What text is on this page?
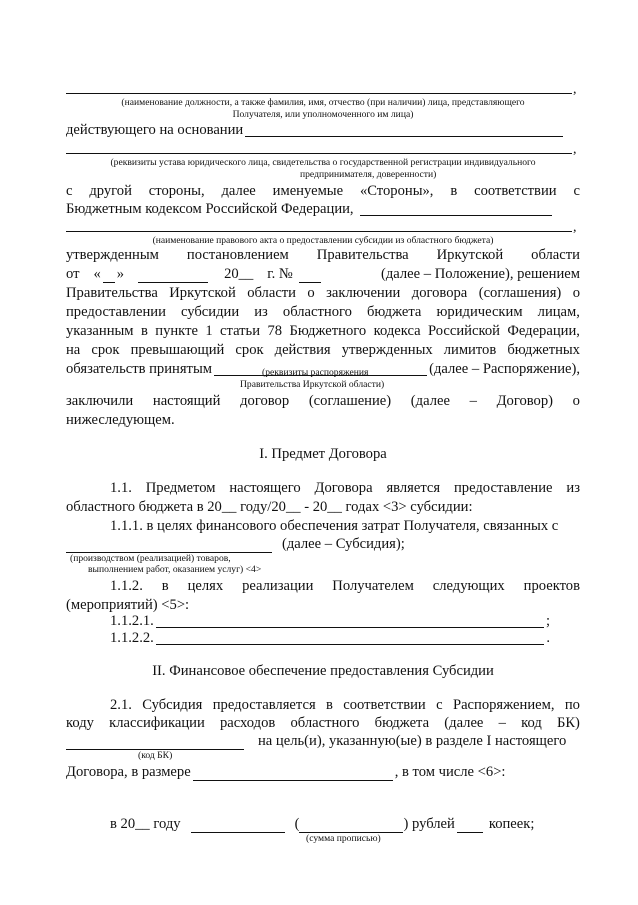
,
(наименование должности, а также фамилия, имя, отчество (при наличии) лица, представляющего
Получателя, или уполномоченного им лица)
действующего на основании
,
(реквизиты устава юридического лица, свидетельства о государственной регистрации индивидуального
предпринимателя, доверенности)
с другой стороны, далее именуемые «Стороны», в соответствии с
Бюджетным кодексом Российской Федерации,
,
(наименование правового акта о предоставлении субсидии из областного бюджета)
утвержденным постановлением Правительства Иркутской области
от « »	20__ г. №	(далее – Положение), решением
Правительства Иркутской области о заключении договора (соглашения) о
предоставлении субсидии из областного бюджета юридическим лицам,
указанным в пункте 1 статьи 78 Бюджетного кодекса Российской Федерации,
на срок превышающий срок действия утвержденных лимитов бюджетных
обязательств принятым	(далее – Распоряжение),
(реквизиты распоряжения
Правительства Иркутской области)
заключили настоящий договор (соглашение) (далее – Договор) о
нижеследующем.
I. Предмет Договора
1.1. Предметом настоящего Договора является предоставление из
областного бюджета в 20__ году/20__ - 20__ годах <3> субсидии:
1.1.1. в целях финансового обеспечения затрат Получателя, связанных с
(далее – Субсидия);
(производством (реализацией) товаров,
выполнением работ, оказанием услуг) <4>
1.1.2. в целях реализации Получателем следующих проектов
(мероприятий) <5>:
1.1.2.1.	;
1.1.2.2.	.
II. Финансовое обеспечение предоставления Субсидии
2.1. Субсидия предоставляется в соответствии с Распоряжением, по
коду классификации расходов областного бюджета (далее – код БК)
на цель(и), указанную(ые) в разделе I настоящего
(код БК)
Договора, в размере	, в том числе <6>:
в 20__ году	(	) рублей копеек;
(сумма прописью)
